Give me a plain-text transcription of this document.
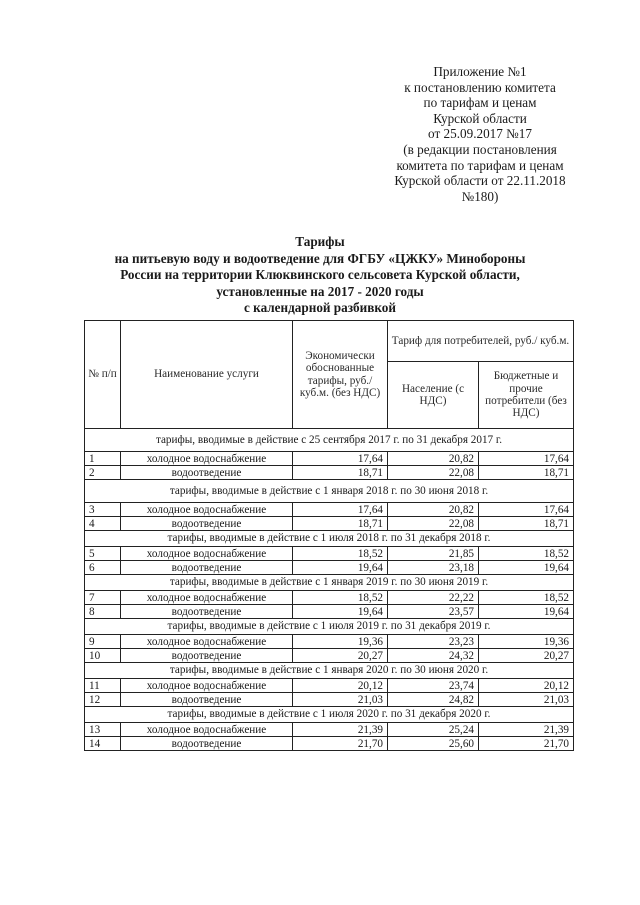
Приложение №1
к постановлению комитета
по тарифам и ценам
Курской области
от 25.09.2017 №17
(в редакции постановления
комитета по тарифам и ценам
Курской области от 22.11.2018
№180)
Тарифы
на питьевую воду и водоотведение для ФГБУ «ЦЖКУ» Минобороны
России на территории Клюквинского сельсовета Курской области,
установленные на 2017 - 2020 годы
с календарной разбивкой
№ п/п	Наименование услуги	Экономически обоснованные тарифы, руб./ куб.м. (без НДС)	Тариф для потребителей, руб./ куб.м.	
			Население (с НДС)	Бюджетные и прочие потребители (без НДС)
тарифы, вводимые в действие с 25 сентября 2017 г. по 31 декабря 2017 г.				
1	холодное водоснабжение	17,64	20,82	17,64
2	водоотведение	18,71	22,08	18,71
тарифы, вводимые в действие с 1 января 2018 г. по 30 июня 2018 г.				
3	холодное водоснабжение	17,64	20,82	17,64
4	водоотведение	18,71	22,08	18,71
тарифы, вводимые в действие с 1 июля 2018 г. по 31 декабря 2018 г.				
5	холодное водоснабжение	18,52	21,85	18,52
6	водоотведение	19,64	23,18	19,64
тарифы, вводимые в действие с 1 января 2019 г. по 30 июня 2019 г.				
7	холодное водоснабжение	18,52	22,22	18,52
8	водоотведение	19,64	23,57	19,64
тарифы, вводимые в действие с 1 июля 2019 г. по 31 декабря 2019 г.				
9	холодное водоснабжение	19,36	23,23	19,36
10	водоотведение	20,27	24,32	20,27
тарифы, вводимые в действие с 1 января 2020 г. по 30 июня 2020 г.				
11	холодное водоснабжение	20,12	23,74	20,12
12	водоотведение	21,03	24,82	21,03
тарифы, вводимые в действие с 1 июля 2020 г. по 31 декабря 2020 г.				
13	холодное водоснабжение	21,39	25,24	21,39
14	водоотведение	21,70	25,60	21,70
